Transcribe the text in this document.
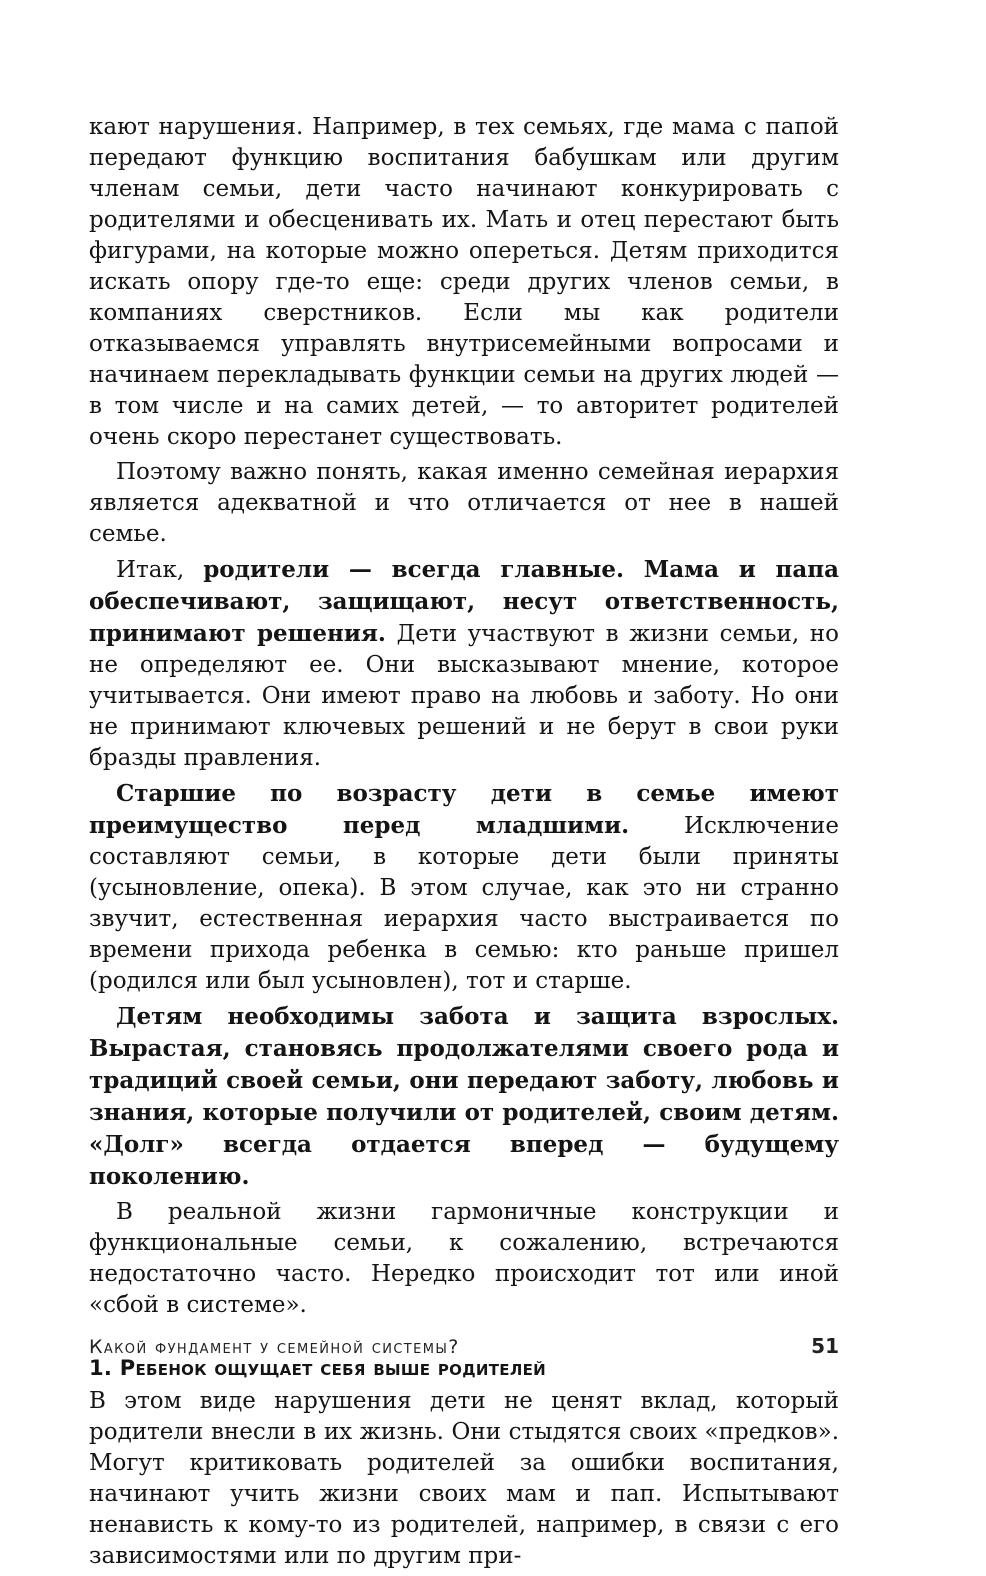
кают нарушения. Например, в тех семьях, где мама с папой передают функцию воспитания бабушкам или другим членам семьи, дети часто начинают конкурировать с родителями и обесценивать их. Мать и отец перестают быть фигурами, на которые можно опереться. Детям приходится искать опору где-то еще: среди других членов семьи, в компаниях сверстников. Если мы как родители отказываемся управлять внутрисемейными вопросами и начинаем перекладывать функции семьи на других людей — в том числе и на самих детей, — то авторитет родителей очень скоро перестанет существовать.

Поэтому важно понять, какая именно семейная иерархия является адекватной и что отличается от нее в нашей семье.

Итак, родители — всегда главные. Мама и папа обеспечивают, защищают, несут ответственность, принимают решения. Дети участвуют в жизни семьи, но не определяют ее. Они высказывают мнение, которое учитывается. Они имеют право на любовь и заботу. Но они не принимают ключевых решений и не берут в свои руки бразды правления.

Старшие по возрасту дети в семье имеют преимущество перед младшими. Исключение составляют семьи, в которые дети были приняты (усыновление, опека). В этом случае, как это ни странно звучит, естественная иерархия часто выстраивается по времени прихода ребенка в семью: кто раньше пришел (родился или был усыновлен), тот и старше.

Детям необходимы забота и защита взрослых. Вырастая, становясь продолжателями своего рода и традиций своей семьи, они передают заботу, любовь и знания, которые получили от родителей, своим детям. «Долг» всегда отдается вперед — будущему поколению.

В реальной жизни гармоничные конструкции и функциональные семьи, к сожалению, встречаются недостаточно часто. Нередко происходит тот или иной «сбой в системе».

1. Ребенок ощущает себя выше родителей

В этом виде нарушения дети не ценят вклад, который родители внесли в их жизнь. Они стыдятся своих «предков». Могут критиковать родителей за ошибки воспитания, начинают учить жизни своих мам и пап. Испытывают ненависть к кому-то из родителей, например, в связи с его зависимостями или по другим при-

Какой фундамент у семейной системы?	51
